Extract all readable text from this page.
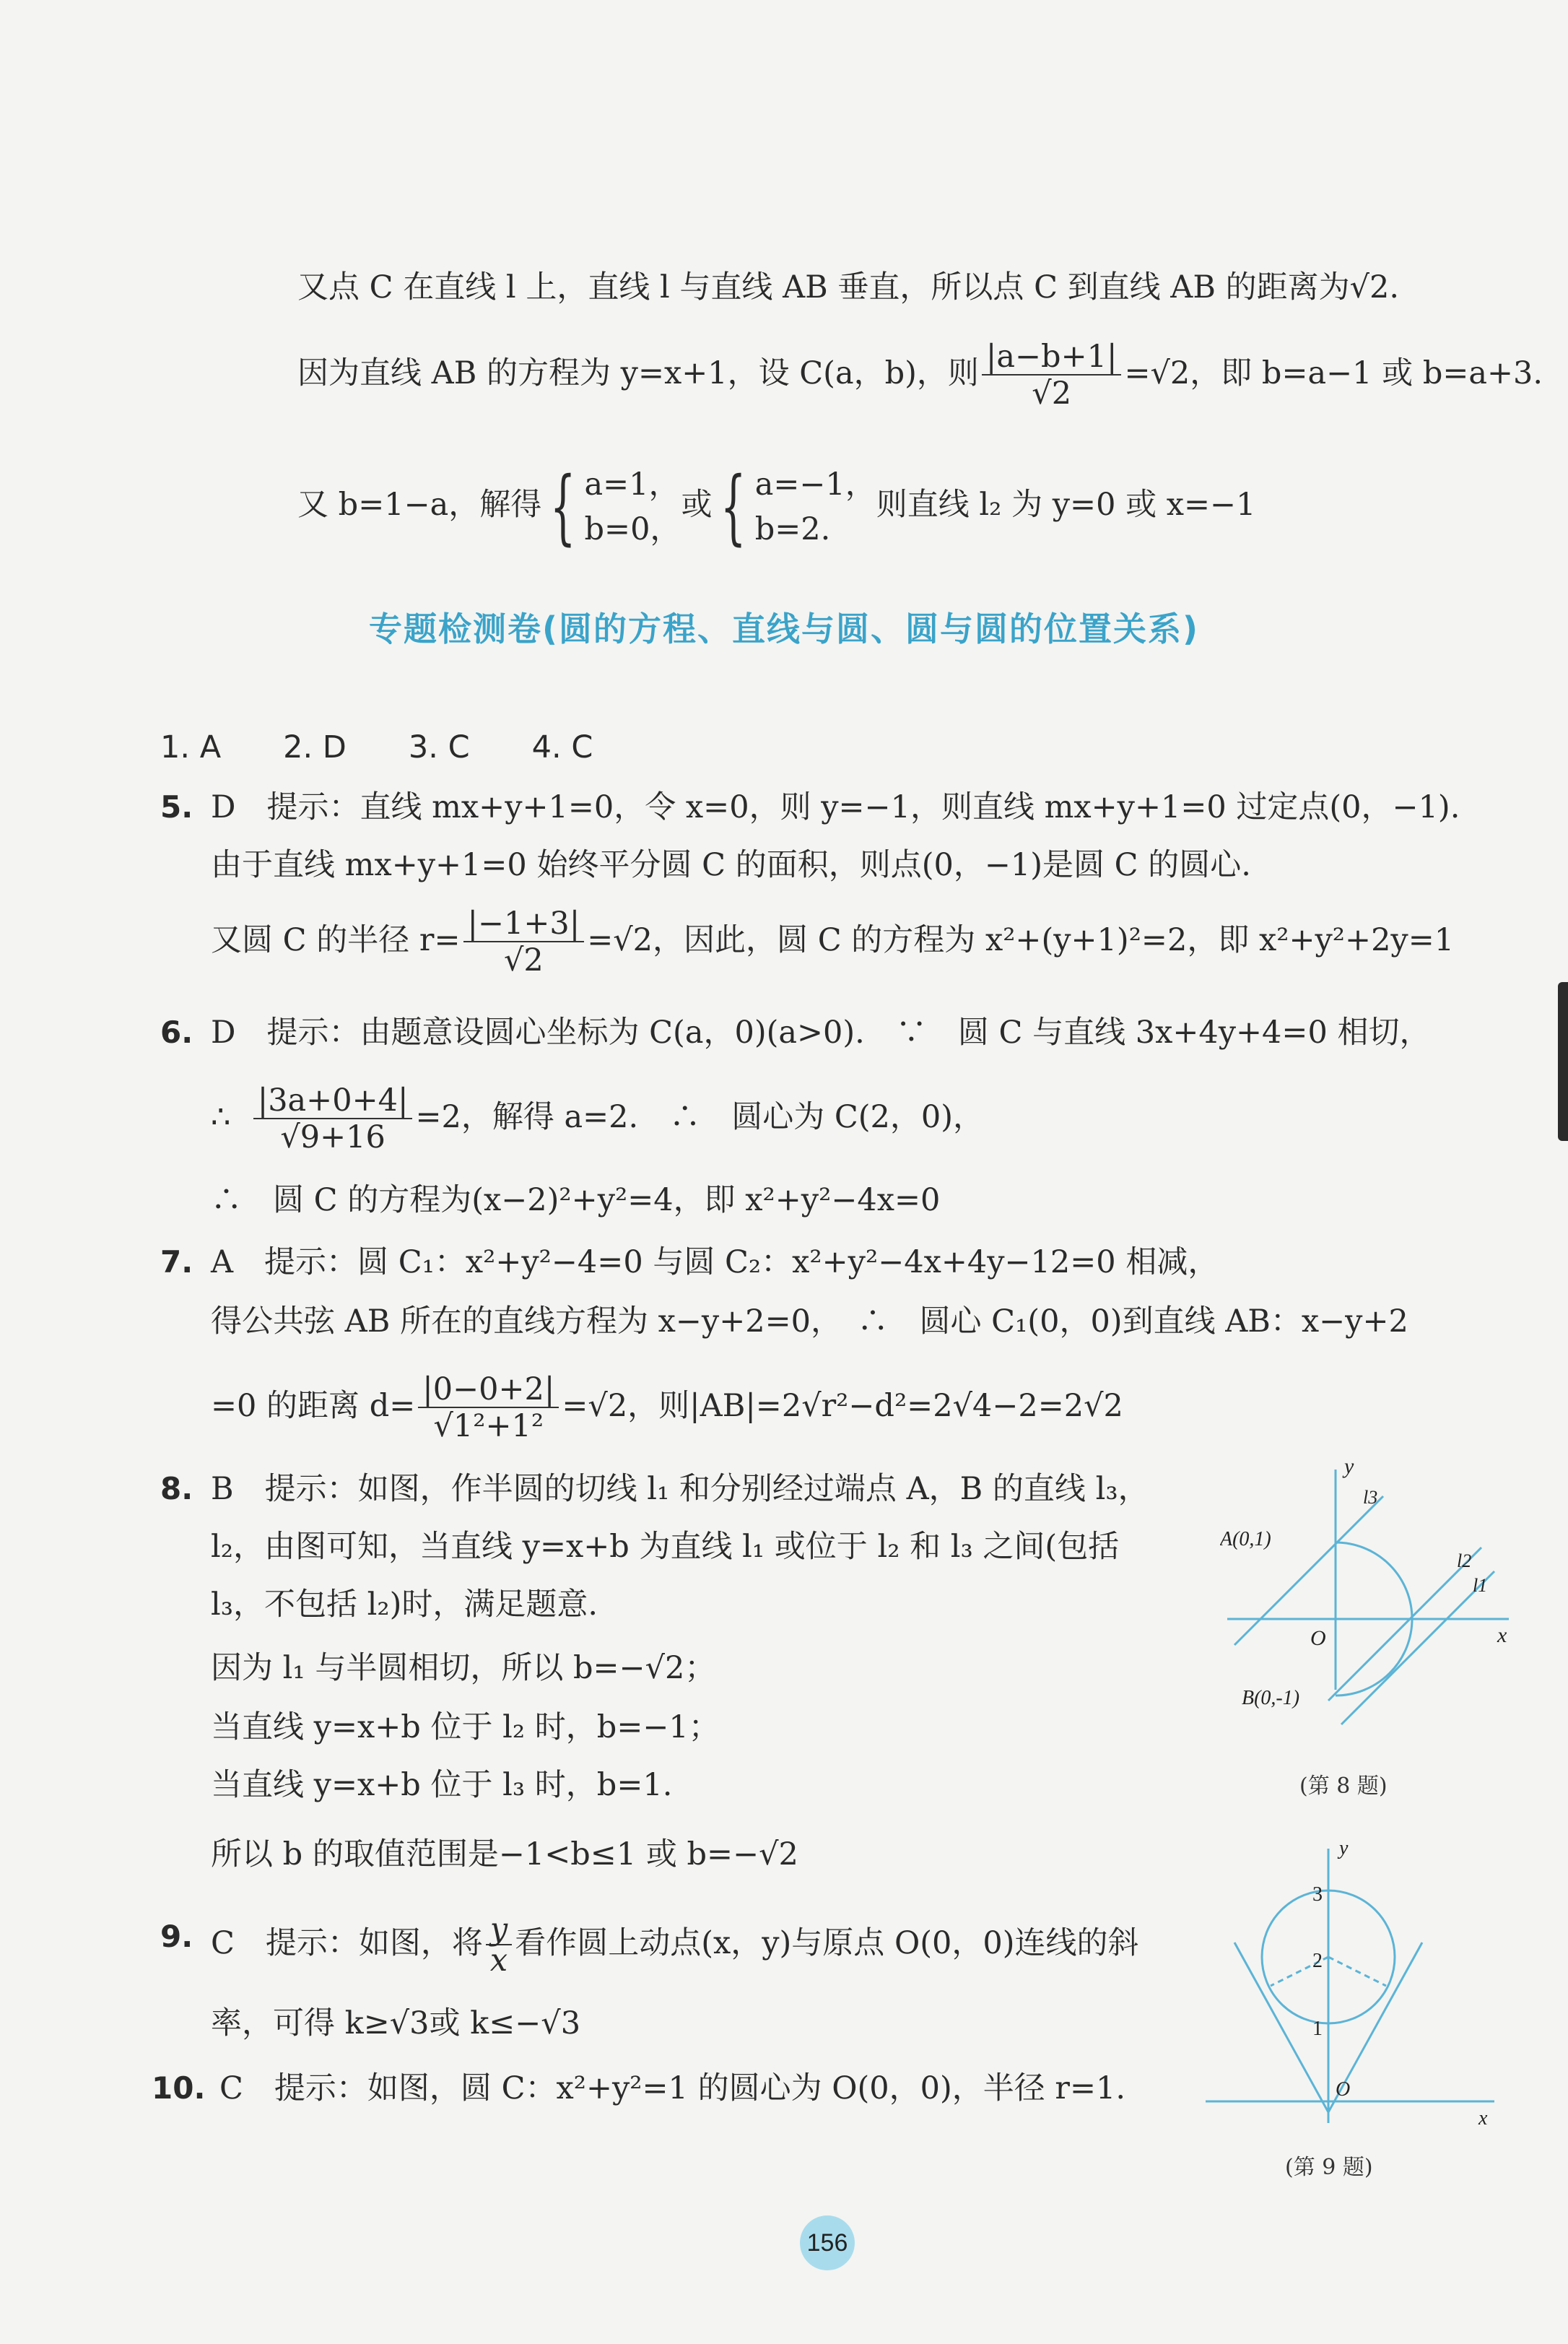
又点 C 在直线 l 上，直线 l 与直线 AB 垂直，所以点 C 到直线 AB 的距离为√2.
因为直线 AB 的方程为 y=x+1，设 C(a，b)，则 $\frac{|a-b+1|}{√2} =√2$，即 b=a−1 或 b=a+3.
又 b=1−a，解得 { a=1，
b=0，
或 { a=−1，
b=2.
则直线 l₂ 为 y=0 或 x=−1
专题检测卷(圆的方程、直线与圆、圆与圆的位置关系)
1. A　　2. D　　3. C　　4. C
5. D　提示：直线 mx+y+1=0，令 x=0，则 y=−1，则直线 mx+y+1=0 过定点(0，−1).
由于直线 mx+y+1=0 始终平分圆 C 的面积，则点(0，−1)是圆 C 的圆心.
又圆 C 的半径 $r= \frac{|-1+3|}{√2} =√2$，因此，圆 C 的方程为 x²+(y+1)²=2，即 x²+y²+2y=1
6. D　提示：由题意设圆心坐标为 C(a，0)(a>0).　∵　圆 C 与直线 3x+4y+4=0 相切，
∴ $\frac{|3a+0+4|}{√9+16} =2$，解得 a=2.　∴　圆心为 C(2，0)，
∴　圆 C 的方程为(x−2)²+y²=4，即 x²+y²−4x=0
7. A　提示：圆 C₁：x²+y²−4=0 与圆 C₂：x²+y²−4x+4y−12=0 相减，
得公共弦 AB 所在的直线方程为 x−y+2=0，　∴　圆心 C₁(0，0)到直线 AB：x−y+2
=0 的距离 $d= \frac{|0-0+2|}{\text{√1²+1²}} =√2$，则|AB|=2√r²−d²=2√4−2=2√2
8. B　提示：如图，作半圆的切线 l₁ 和分别经过端点 A，B 的直线 l₃，
l₂，由图可知，当直线 y=x+b 为直线 l₁ 或位于 l₂ 和 l₃ 之间(包括
l₃，不包括 l₂)时，满足题意.
因为 l₁ 与半圆相切，所以 b=−√2；
当直线 y=x+b 位于 l₂ 时，b=−1；
当直线 y=x+b 位于 l₃ 时，b=1.
所以 b 的取值范围是−1<b≤1 或 b=−√2
y
x
O
A(0,1)
B(0,-1)
l3
l2
l1
(第 8 题)
9. C　提示：如图，将 $\frac{y}{x}$ 看作圆上动点(x，y)与原点 O(0，0)连线的斜
率，可得 k≥√3或 k≤−√3
y
x
O
1
2
3
(第 9 题)
10. C　提示：如图，圆 C：x²+y²=1 的圆心为 O(0，0)，半径 r=1.
156
